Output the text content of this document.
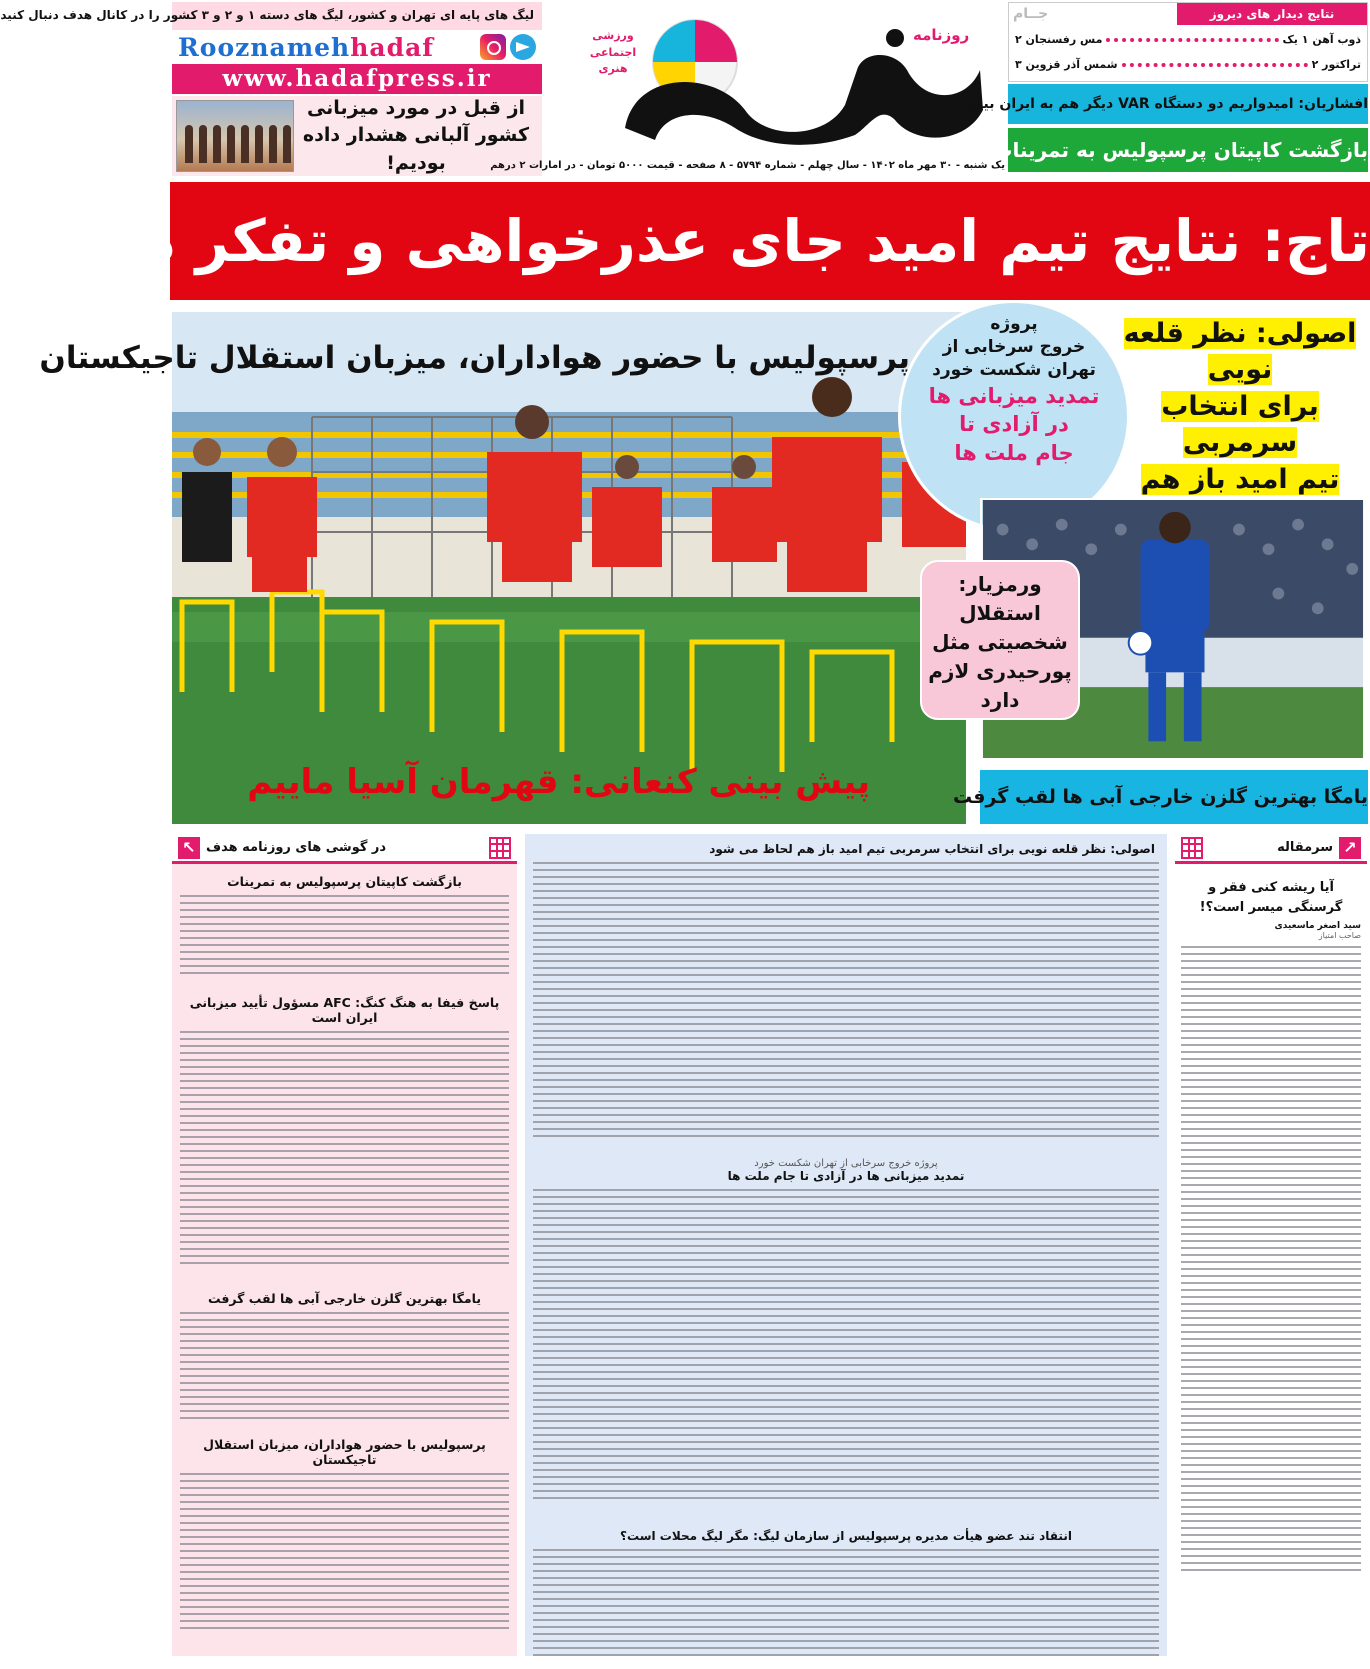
لیگ های پایه ای تهران و کشور، لیگ های دسته ۱ و ۲ و ۳ کشور را در کانال هدف دنبال کنید
Rooznamehhadaf
www.hadafpress.ir
از قبل در مورد میزبانی کشور آلبانی هشدار داده بودیم!
روزنامه
ورزشی اجتماعی هنری
یک شنبه - ۳۰ مهر ماه ۱۴۰۲ - سال چهلم - شماره ۵۷۹۴ - ۸ صفحه - قیمت ۵۰۰۰ تومان - در امارات ۲ درهم
نتایج دیدار های دیروز
جــام
ذوب آهن ۱ یک
مس رفسنجان ۲
تراکتور ۲
شمس آذر قزوین ۳
افشاریان: امیدواریم دو دستگاه VAR دیگر هم به ایران بیاوریم
بازگشت کاپیتان پرسپولیس به تمرینات
تاج: نتایج تیم امید جای عذرخواهی و تفکر دارد
پرسپولیس با حضور هواداران، میزبان استقلال تاجیکستان
پیش بینی کنعانی: قهرمان آسیا ماییم
پروژه
خروج سرخابی از
تهران شکست خورد
تمدید میزبانی ها
در آزادی تا
جام ملت ها
اصولی: نظر قلعه نویی
برای انتخاب سرمربی
تیم امید باز هم
ورمزیار: استقلال
شخصیتی مثل
پورحیدری لازم
دارد
یامگا بهترین گلزن خارجی آبی ها لقب گرفت
↗
سرمقاله
آیا ریشه کنی فقر و گرسنگی میسر است؟!
سید اصغر ماسعیدی
صاحب امتیاز
اصولی: نظر قلعه نویی برای انتخاب سرمربی تیم امید باز هم لحاظ می شود
پروژه خروج سرخابی از تهران شکست خورد
تمدید میزبانی ها در آزادی تا جام ملت ها
انتقاد تند عضو هیأت مدیره پرسپولیس از سازمان لیگ: مگر لیگ محلات است؟
در گوشی های روزنامه هدف
↖
بازگشت کاپیتان پرسپولیس به تمرینات
پاسخ فیفا به هنگ کنگ: AFC مسؤول تأیید میزبانی ایران است
یامگا بهترین گلزن خارجی آبی ها لقب گرفت
پرسپولیس با حضور هواداران، میزبان استقلال تاجیکستان
